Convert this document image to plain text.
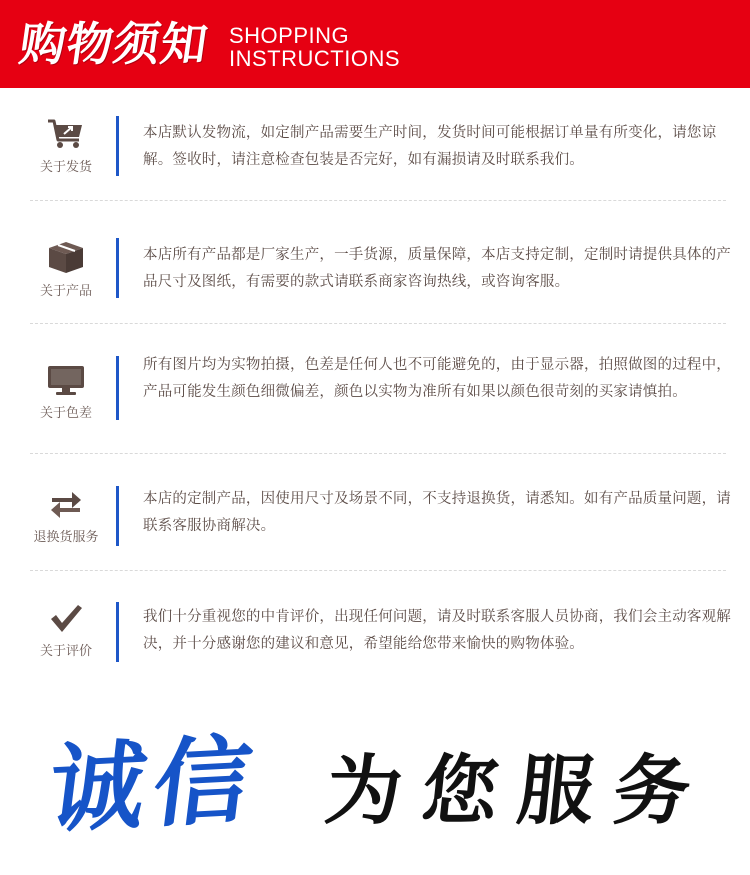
购物须知 SHOPPING
INSTRUCTIONS
关于发货
本店默认发物流，如定制产品需要生产时间，发货时间可能根据订单量有所变化，请您谅解。签收时，请注意检查包装是否完好，如有漏损请及时联系我们。
关于产品
本店所有产品都是厂家生产，一手货源，质量保障，本店支持定制，定制时请提供具体的产品尺寸及图纸，有需要的款式请联系商家咨询热线，或咨询客服。
关于色差
所有图片均为实物拍摄，色差是任何人也不可能避免的，由于显示器，拍照做图的过程中，产品可能发生颜色细微偏差，颜色以实物为准所有如果以颜色很苛刻的买家请慎拍。
退换货服务
本店的定制产品，因使用尺寸及场景不同，不支持退换货，请悉知。如有产品质量问题，请联系客服协商解决。
关于评价
我们十分重视您的中肯评价，出现任何问题，请及时联系客服人员协商，我们会主动客观解决，并十分感谢您的建议和意见，希望能给您带来愉快的购物体验。
诚信 为您服务
